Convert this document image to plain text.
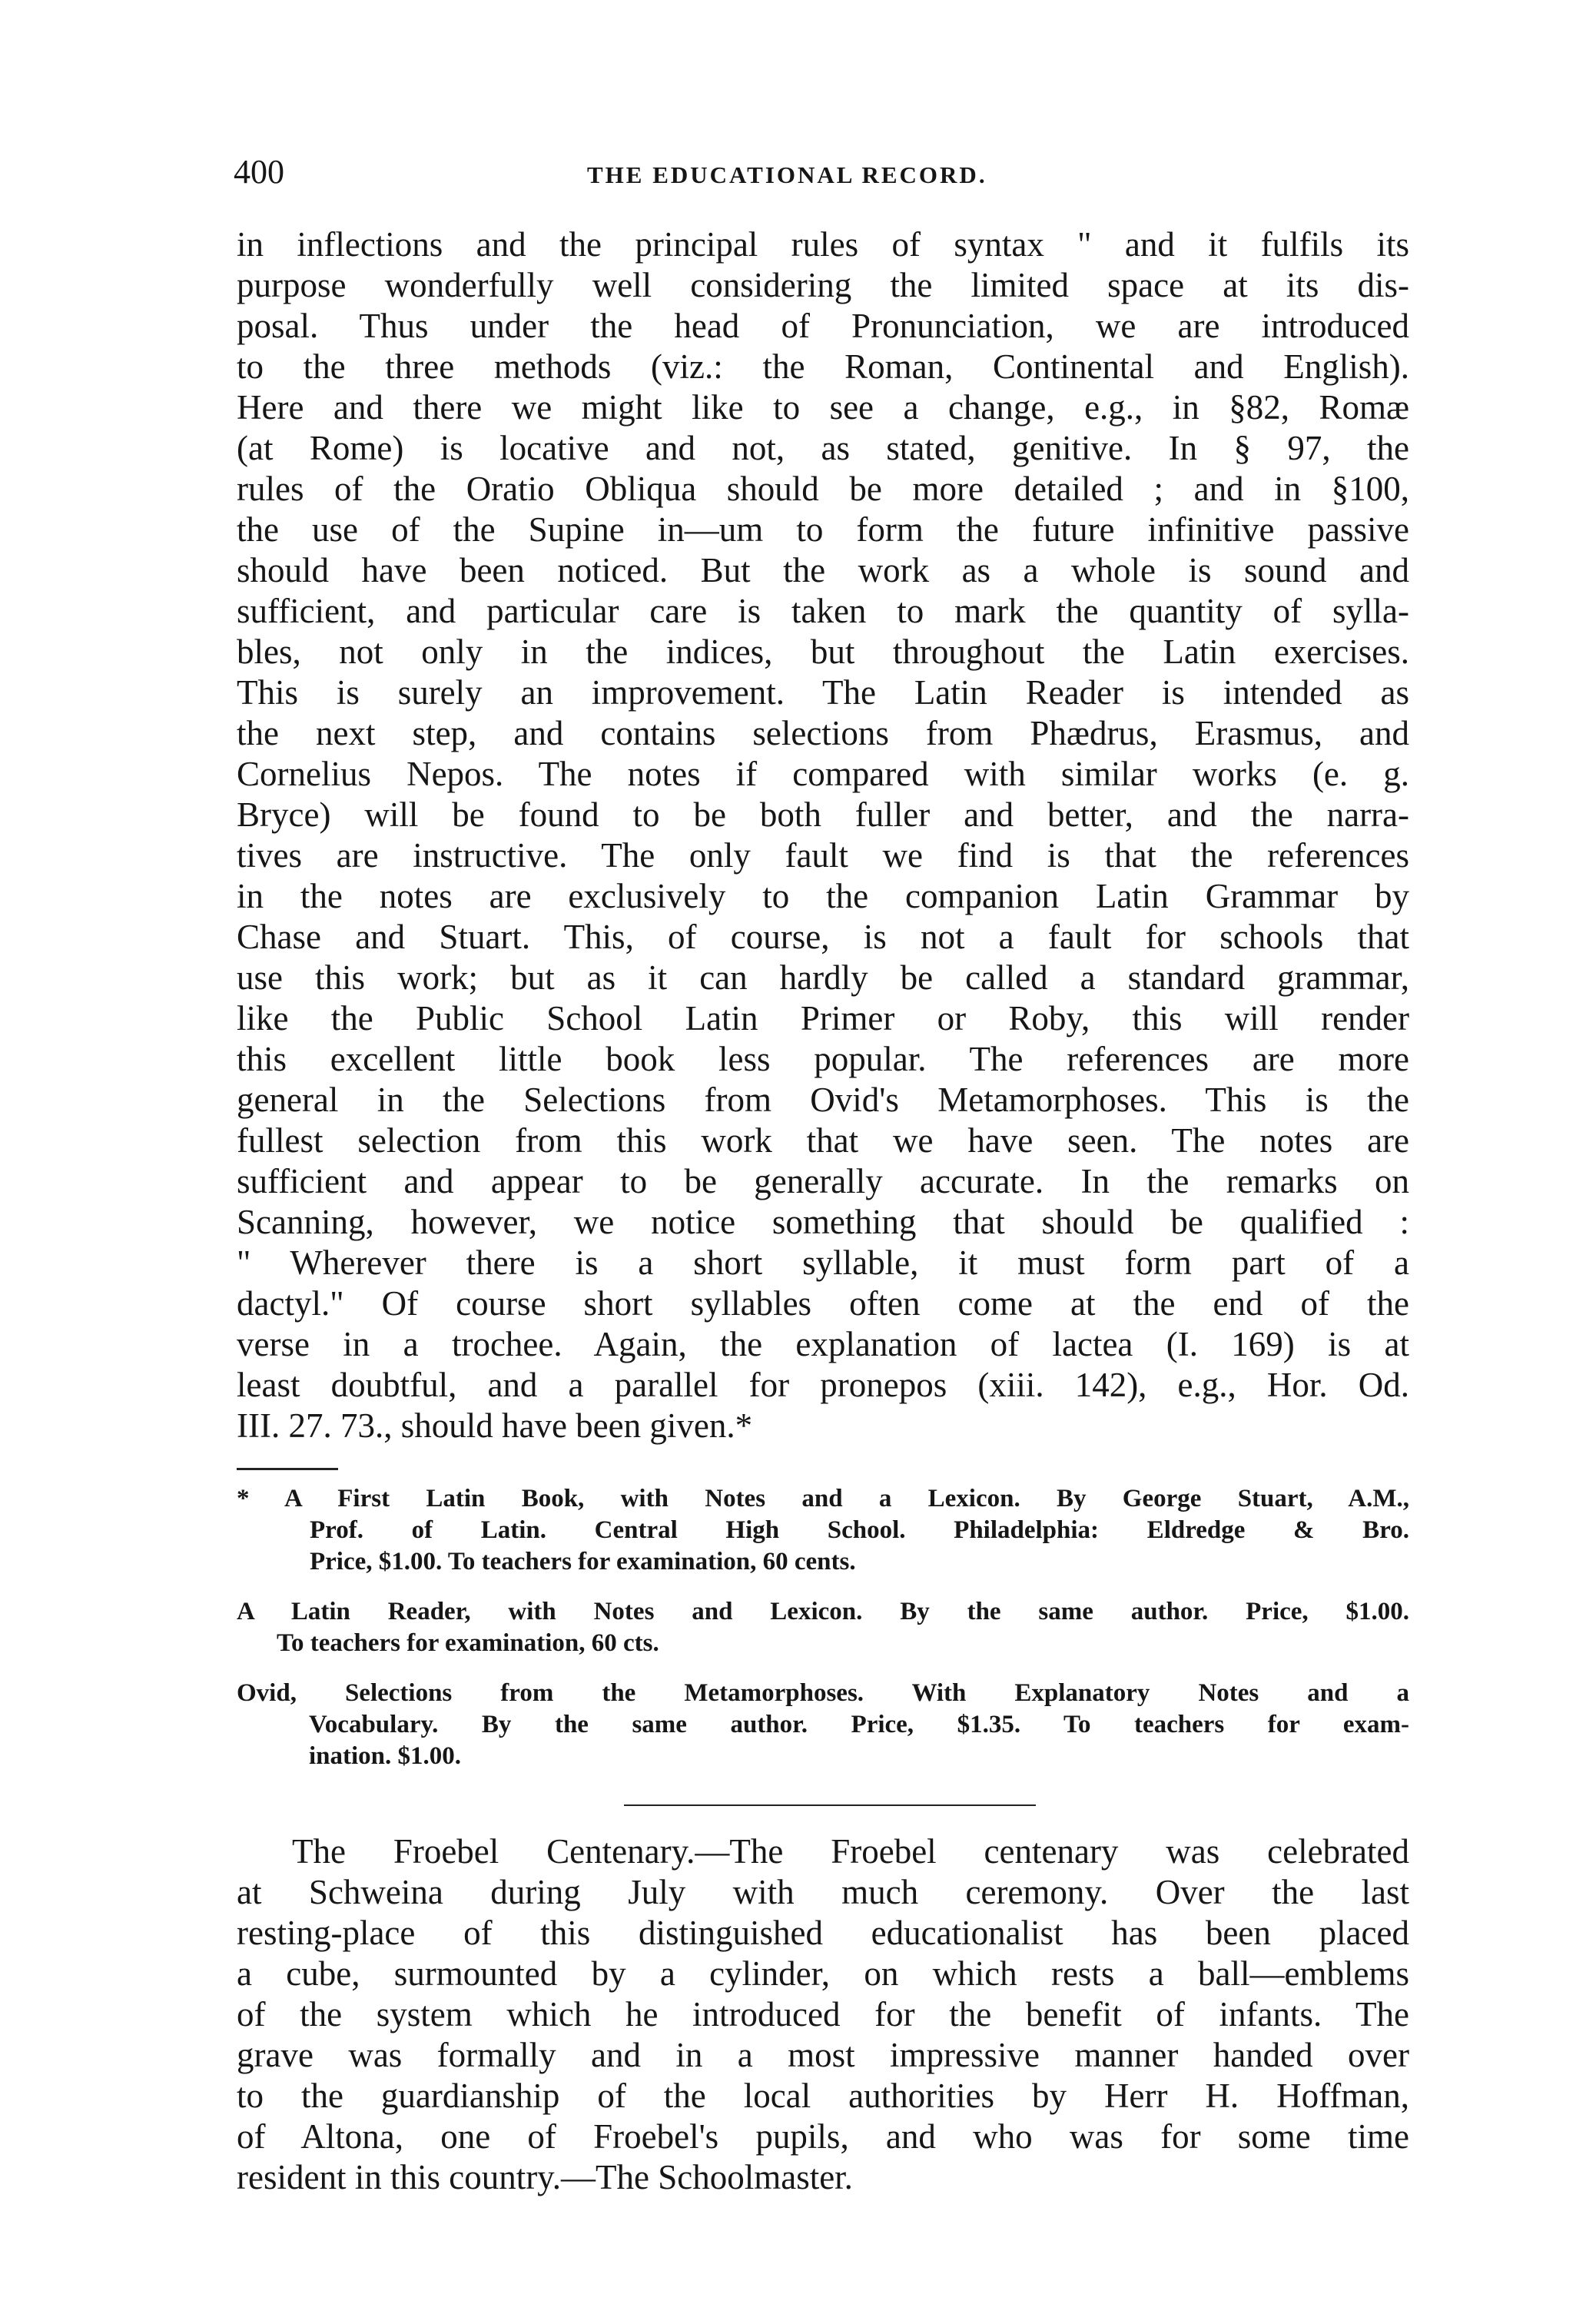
400	THE EDUCATIONAL RECORD.
in inflections and the principal rules of syntax " and it fulfils its
purpose wonderfully well considering the limited space at its dis-
posal. Thus under the head of Pronunciation, we are introduced
to the three methods (viz.: the Roman, Continental and English).
Here and there we might like to see a change, e.g., in §82, Romæ
(at Rome) is locative and not, as stated, genitive. In § 97, the
rules of the Oratio Obliqua should be more detailed ; and in §100,
the use of the Supine in—um to form the future infinitive passive
should have been noticed. But the work as a whole is sound and
sufficient, and particular care is taken to mark the quantity of sylla-
bles, not only in the indices, but throughout the Latin exercises.
This is surely an improvement. The Latin Reader is intended as
the next step, and contains selections from Phædrus, Erasmus, and
Cornelius Nepos. The notes if compared with similar works (e. g.
Bryce) will be found to be both fuller and better, and the narra-
tives are instructive. The only fault we find is that the references
in the notes are exclusively to the companion Latin Grammar by
Chase and Stuart. This, of course, is not a fault for schools that
use this work; but as it can hardly be called a standard grammar,
like the Public School Latin Primer or Roby, this will render
this excellent little book less popular. The references are more
general in the Selections from Ovid's Metamorphoses. This is the
fullest selection from this work that we have seen. The notes are
sufficient and appear to be generally accurate. In the remarks on
Scanning, however, we notice something that should be qualified :
" Wherever there is a short syllable, it must form part of a
dactyl." Of course short syllables often come at the end of the
verse in a trochee. Again, the explanation of lactea (I. 169) is at
least doubtful, and a parallel for pronepos (xiii. 142), e.g., Hor. Od.
III. 27. 73., should have been given.*
* A First Latin Book, with Notes and a Lexicon. By George Stuart, A.M.,
Prof. of Latin. Central High School. Philadelphia: Eldredge & Bro.
Price, $1.00. To teachers for examination, 60 cents.
A Latin Reader, with Notes and Lexicon. By the same author. Price, $1.00.
To teachers for examination, 60 cts.
Ovid, Selections from the Metamorphoses. With Explanatory Notes and a
Vocabulary. By the same author. Price, $1.35. To teachers for exam-
ination. $1.00.
The Froebel Centenary.—The Froebel centenary was celebrated
at Schweina during July with much ceremony. Over the last
resting-place of this distinguished educationalist has been placed
a cube, surmounted by a cylinder, on which rests a ball—emblems
of the system which he introduced for the benefit of infants. The
grave was formally and in a most impressive manner handed over
to the guardianship of the local authorities by Herr H. Hoffman,
of Altona, one of Froebel's pupils, and who was for some time
resident in this country.—The Schoolmaster.
